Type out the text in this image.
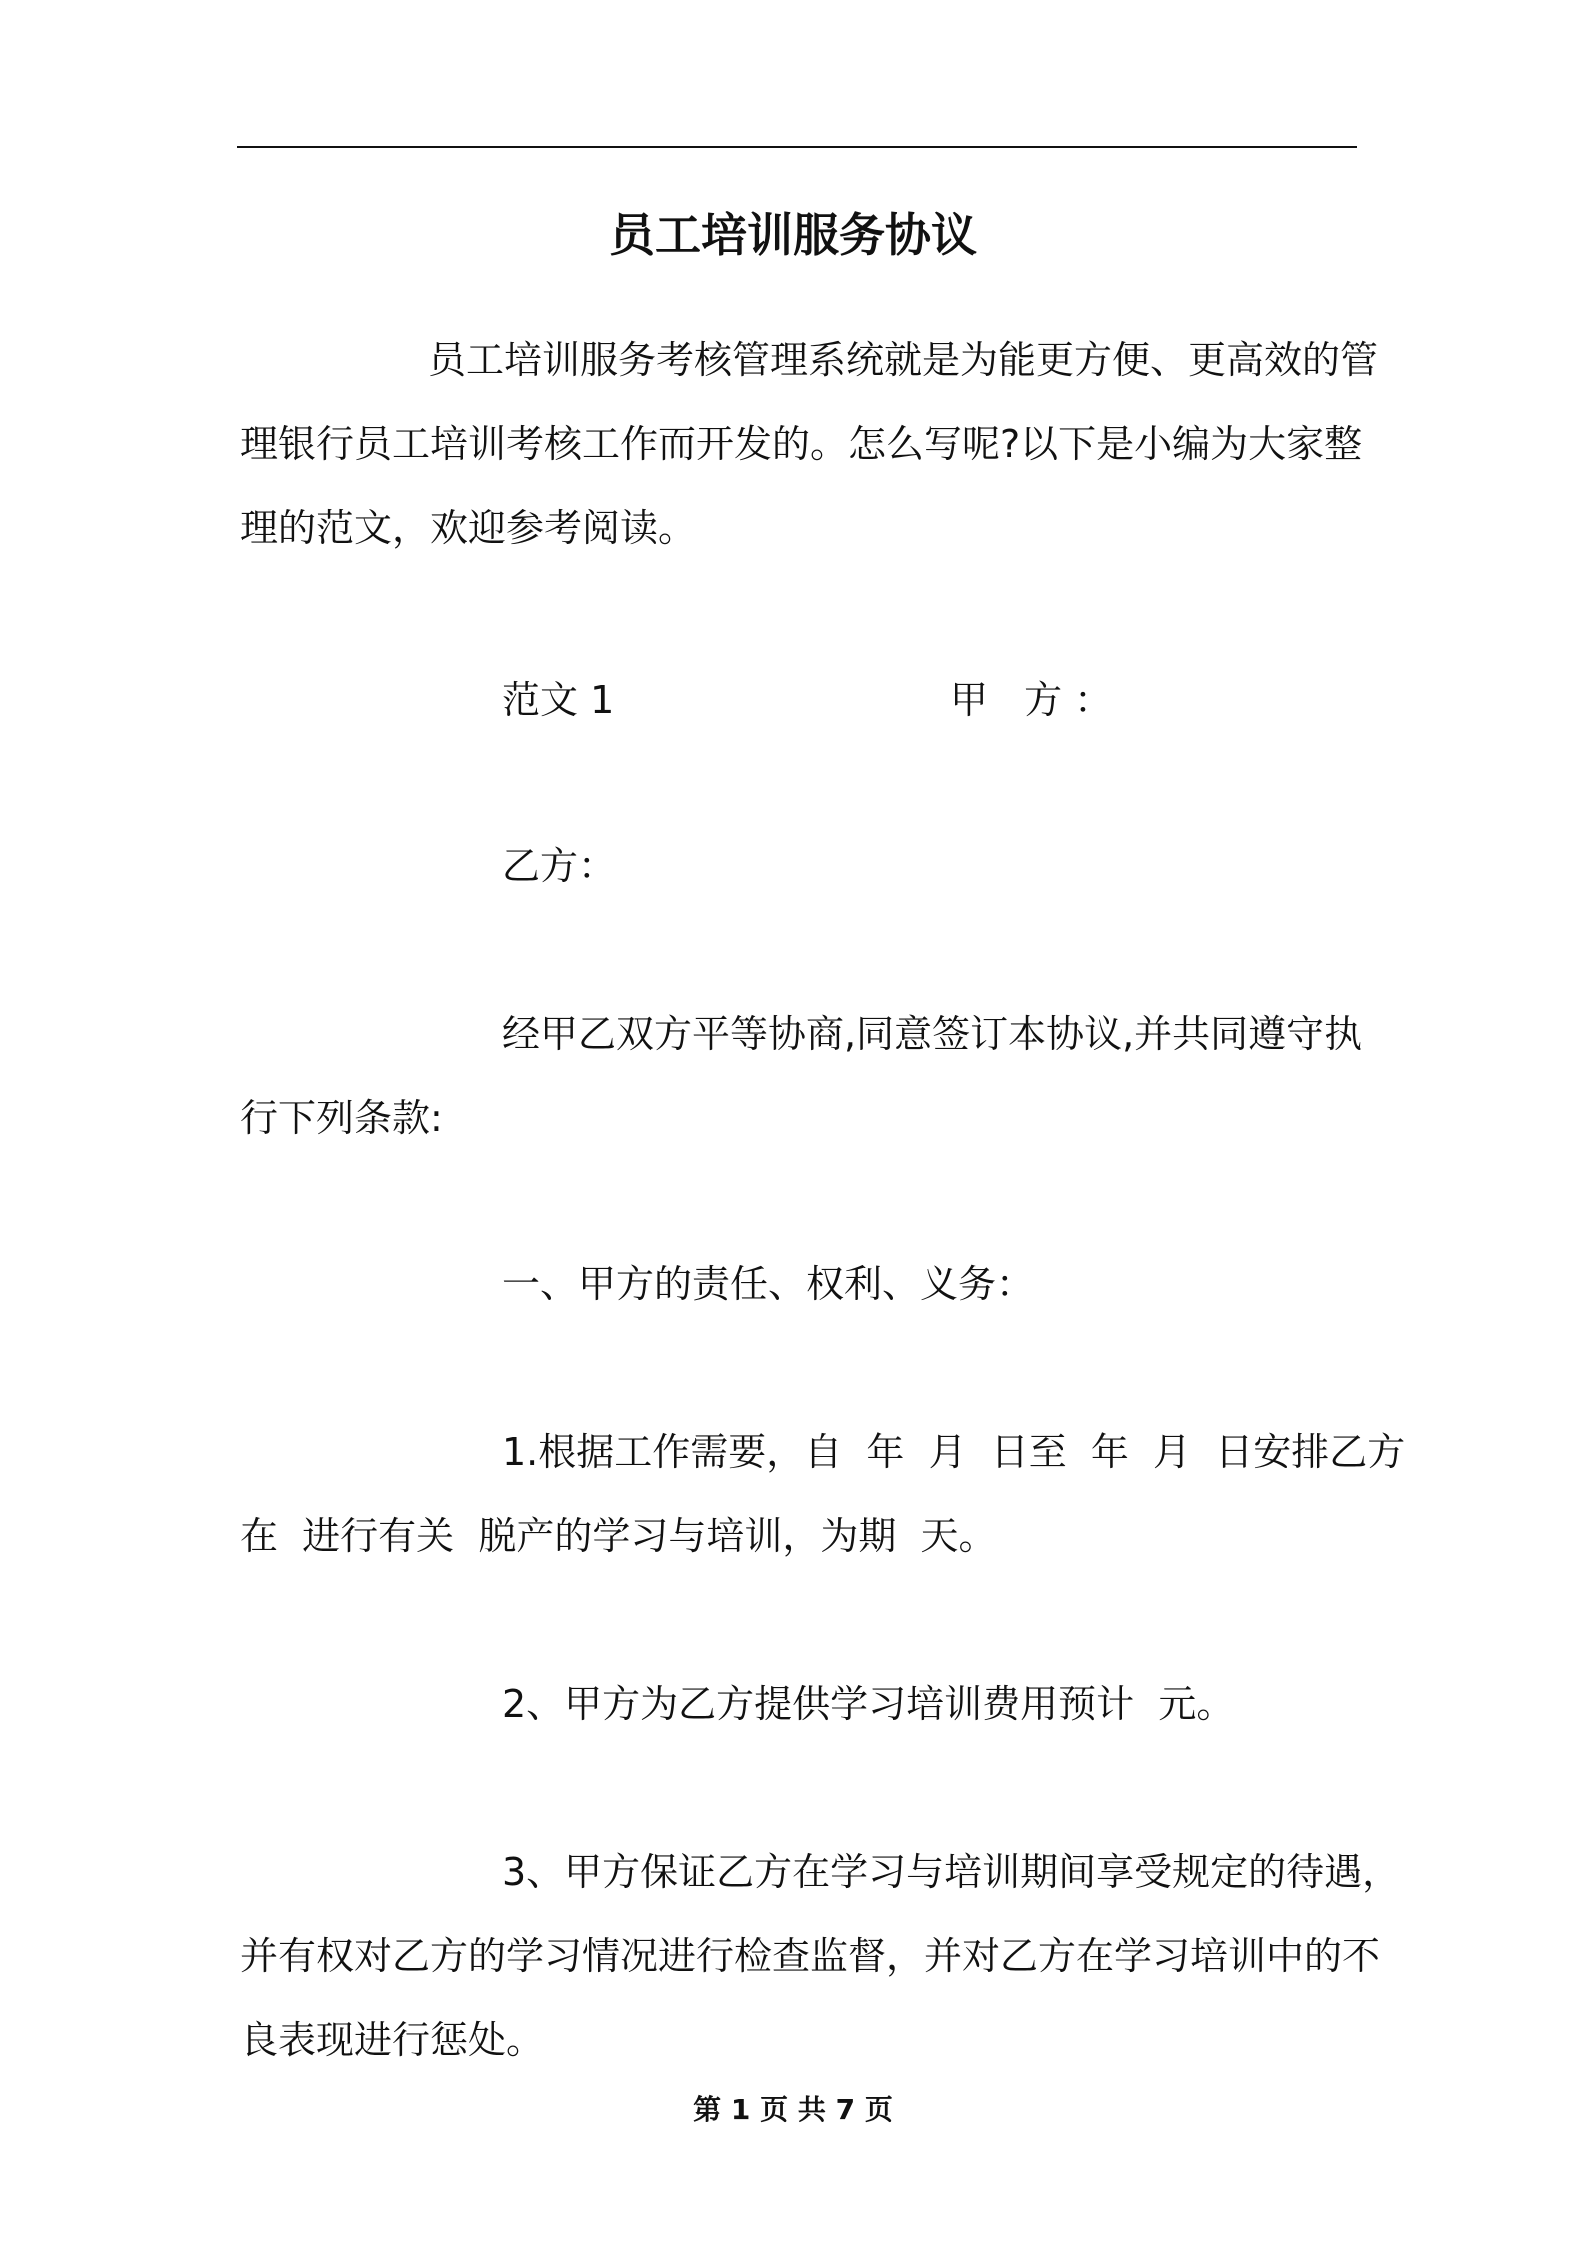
员工培训服务协议
员工培训服务考核管理系统就是为能更方便、更高效的管
理银行员工培训考核工作而开发的。怎么写呢?以下是小编为大家整
理的范文，欢迎参考阅读。
范文 1	甲 方：
乙方：
经甲乙双方平等协商,同意签订本协议,并共同遵守执
行下列条款:
一、甲方的责任、权利、义务：
1.根据工作需要，自  年  月  日至  年  月  日安排乙方
在  进行有关  脱产的学习与培训，为期  天。
2、甲方为乙方提供学习培训费用预计  元。
3、甲方保证乙方在学习与培训期间享受规定的待遇，
并有权对乙方的学习情况进行检查监督，并对乙方在学习培训中的不
良表现进行惩处。
第 1 页 共 7 页
